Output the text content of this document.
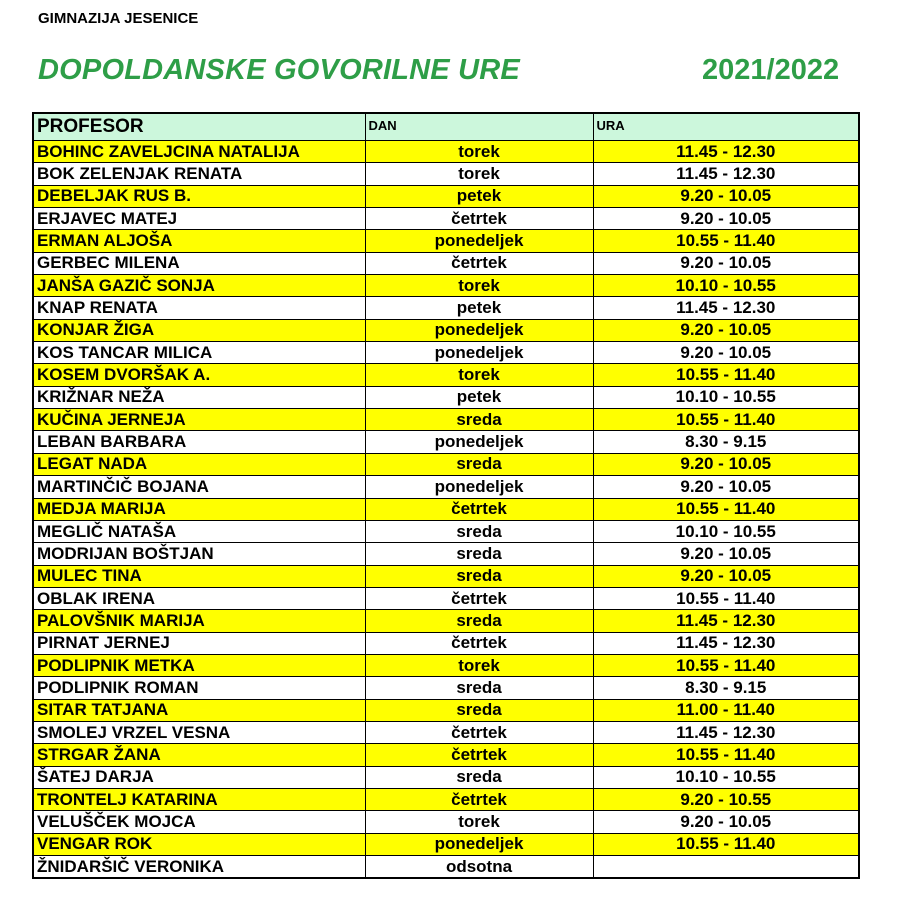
GIMNAZIJA JESENICE
DOPOLDANSKE GOVORILNE URE	2021/2022
PROFESOR	DAN	URA
BOHINC ZAVELJCINA NATALIJA	torek	11.45 - 12.30
BOK ZELENJAK RENATA	torek	11.45 - 12.30
DEBELJAK RUS B.	petek	9.20 - 10.05
ERJAVEC MATEJ	četrtek	9.20 - 10.05
ERMAN ALJOŠA	ponedeljek	10.55 - 11.40
GERBEC MILENA	četrtek	9.20 - 10.05
JANŠA GAZIČ SONJA	torek	10.10 - 10.55
KNAP RENATA	petek	11.45 - 12.30
KONJAR ŽIGA	ponedeljek	9.20 - 10.05
KOS TANCAR MILICA	ponedeljek	9.20 - 10.05
KOSEM DVORŠAK A.	torek	10.55 - 11.40
KRIŽNAR NEŽA	petek	10.10 - 10.55
KUČINA JERNEJA	sreda	10.55 - 11.40
LEBAN BARBARA	ponedeljek	8.30 - 9.15
LEGAT NADA	sreda	9.20 - 10.05
MARTINČIČ BOJANA	ponedeljek	9.20 - 10.05
MEDJA MARIJA	četrtek	10.55 - 11.40
MEGLIČ NATAŠA	sreda	10.10 - 10.55
MODRIJAN BOŠTJAN	sreda	9.20 - 10.05
MULEC TINA	sreda	9.20 - 10.05
OBLAK IRENA	četrtek	10.55 - 11.40
PALOVŠNIK MARIJA	sreda	11.45 - 12.30
PIRNAT JERNEJ	četrtek	11.45 - 12.30
PODLIPNIK METKA	torek	10.55 - 11.40
PODLIPNIK ROMAN	sreda	8.30 - 9.15
SITAR TATJANA	sreda	11.00 - 11.40
SMOLEJ VRZEL VESNA	četrtek	11.45 - 12.30
STRGAR ŽANA	četrtek	10.55 - 11.40
ŠATEJ DARJA	sreda	10.10 - 10.55
TRONTELJ KATARINA	četrtek	9.20 - 10.55
VELUŠČEK MOJCA	torek	9.20 - 10.05
VENGAR ROK	ponedeljek	10.55 - 11.40
ŽNIDARŠIČ VERONIKA	odsotna	
